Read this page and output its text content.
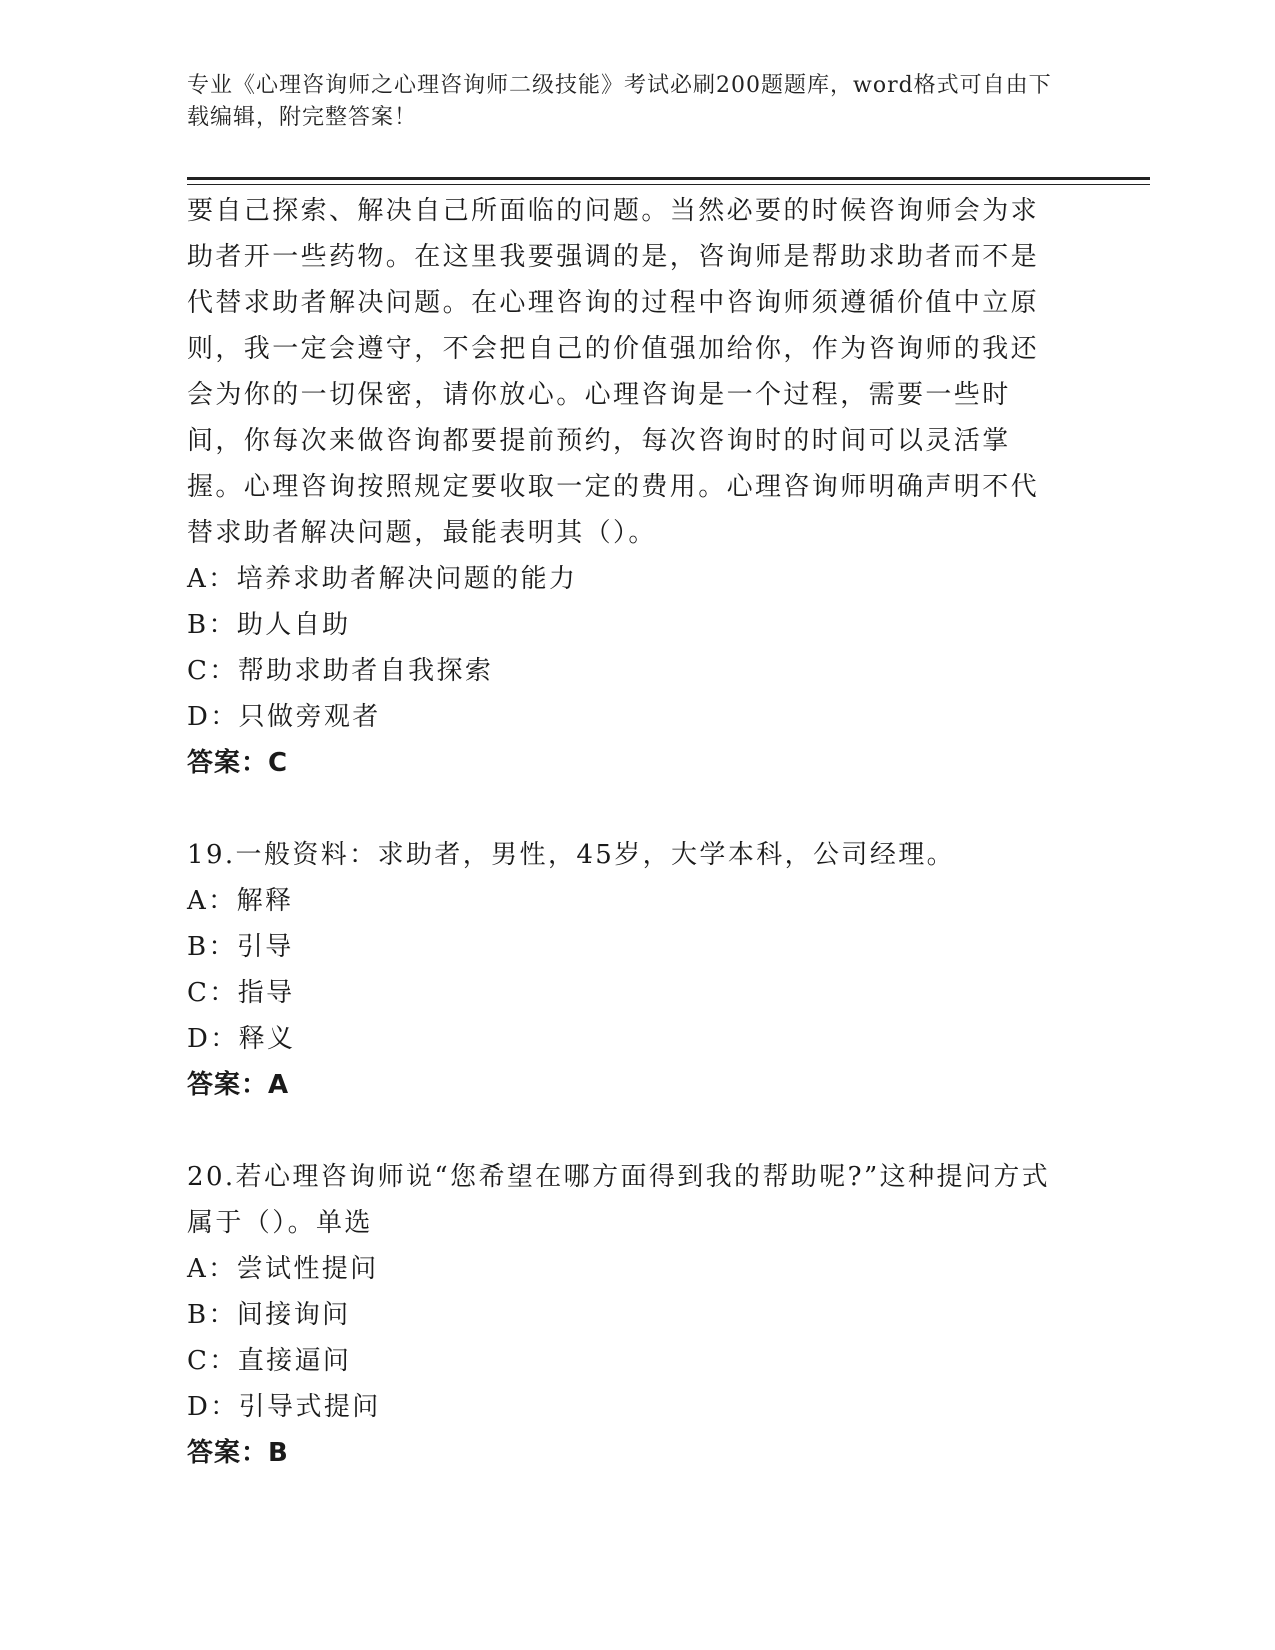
专业《心理咨询师之心理咨询师二级技能》考试必刷200题题库，word格式可自由下载编辑，附完整答案！

要自己探索、解决自己所面临的问题。当然必要的时候咨询师会为求助者开一些药物。在这里我要强调的是，咨询师是帮助求助者而不是代替求助者解决问题。在心理咨询的过程中咨询师须遵循价值中立原则，我一定会遵守，不会把自己的价值强加给你，作为咨询师的我还会为你的一切保密，请你放心。心理咨询是一个过程，需要一些时间，你每次来做咨询都要提前预约，每次咨询时的时间可以灵活掌握。心理咨询按照规定要收取一定的费用。心理咨询师明确声明不代替求助者解决问题，最能表明其（）。

A：培养求助者解决问题的能力
B：助人自助
C：帮助求助者自我探索
D：只做旁观者
答案：C

19.一般资料：求助者，男性，45岁，大学本科，公司经理。

A：解释
B：引导
C：指导
D：释义
答案：A

20.若心理咨询师说“您希望在哪方面得到我的帮助呢?”这种提问方式属于（）。单选

A：尝试性提问
B：间接询问
C：直接逼问
D：引导式提问
答案：B
